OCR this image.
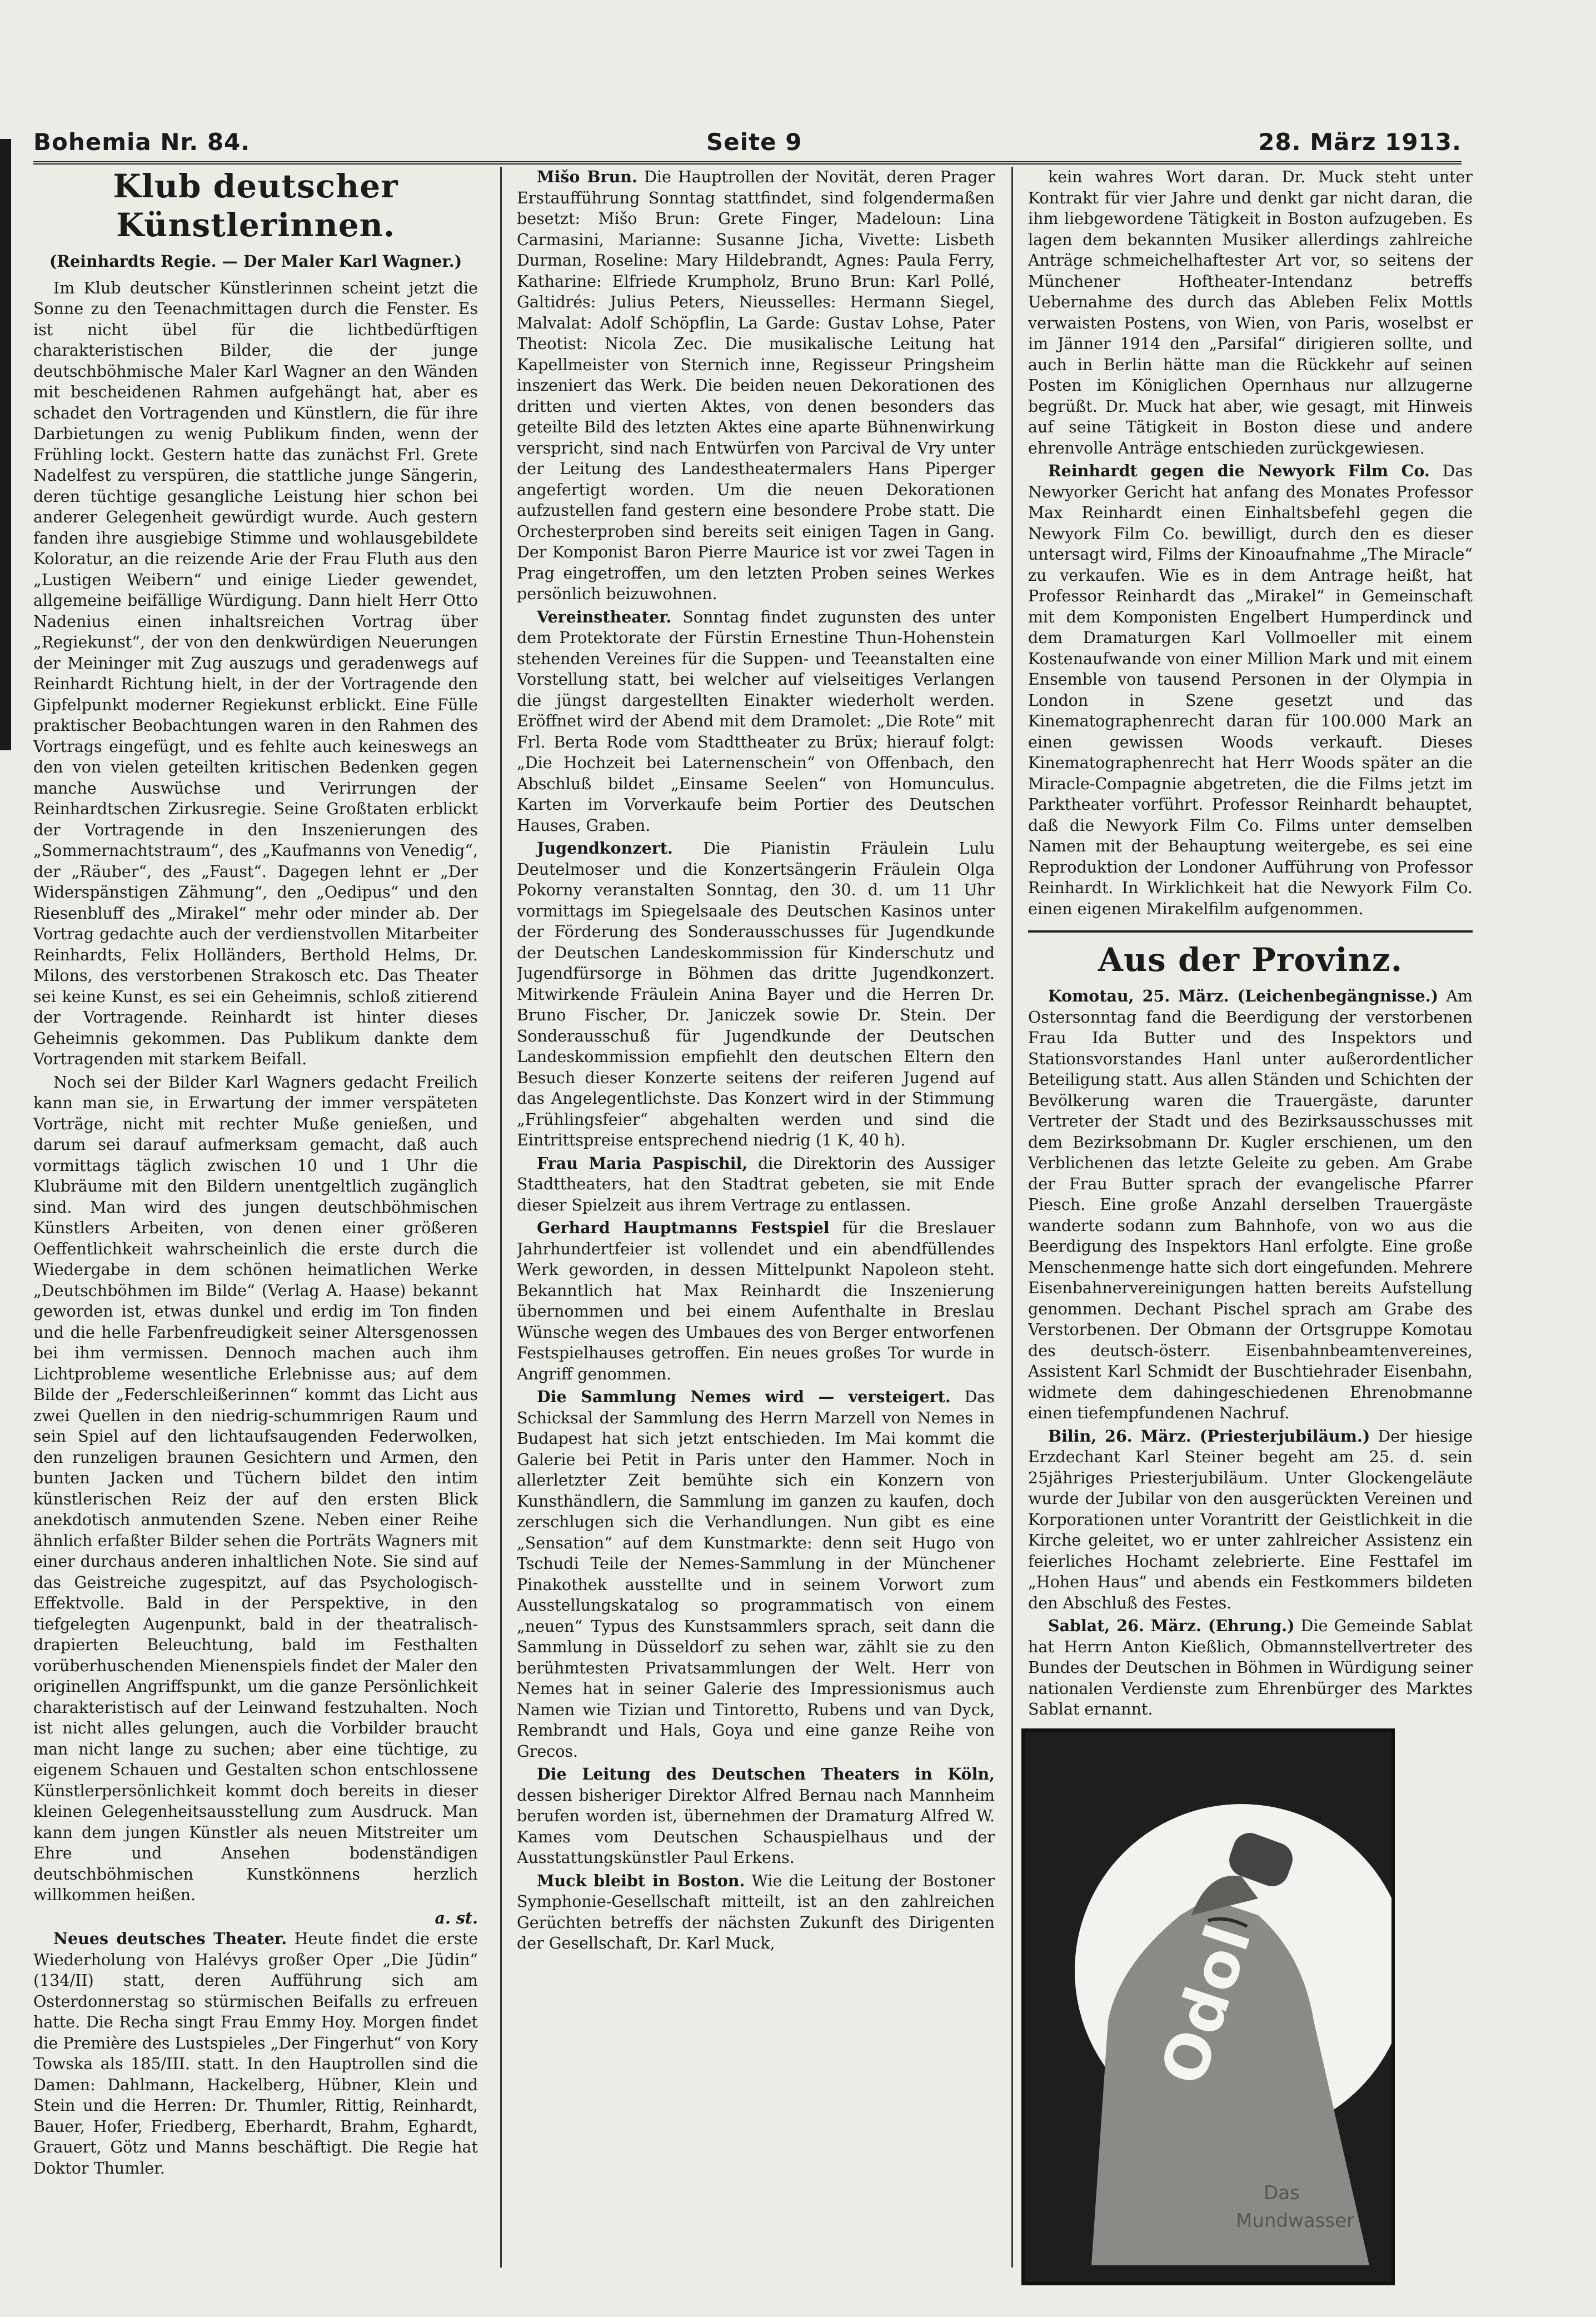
Bohemia Nr. 84.	Seite 9	28. März 1913.
Klub deutscher Künstlerinnen.
(Reinhardts Regie. — Der Maler Karl Wagner.)

Im Klub deutscher Künstlerinnen scheint jetzt die Sonne zu den Teenachmittagen durch die Fenster. Es ist nicht übel für die lichtbedürftigen charakteristischen Bilder, die der junge deutschböhmische Maler Karl Wagner an den Wänden mit bescheidenen Rahmen aufgehängt hat, aber es schadet den Vortragenden und Künstlern, die für ihre Darbietungen zu wenig Publikum finden, wenn der Frühling lockt. Gestern hatte das zunächst Frl. Grete Nadelfest zu verspüren, die stattliche junge Sängerin, deren tüchtige gesangliche Leistung hier schon bei anderer Gelegenheit gewürdigt wurde. Auch gestern fanden ihre ausgiebige Stimme und wohlausgebildete Koloratur, an die reizende Arie der Frau Fluth aus den „Lustigen Weibern“ und einige Lieder gewendet, allgemeine beifällige Würdigung. Dann hielt Herr Otto Nadenius einen inhaltsreichen Vortrag über „Regiekunst“, der von den denkwürdigen Neuerungen der Meininger mit Zug auszugs und geradenwegs auf Reinhardt Richtung hielt, in der der Vortragende den Gipfelpunkt moderner Regiekunst erblickt. Eine Fülle praktischer Beobachtungen waren in den Rahmen des Vortrags eingefügt, und es fehlte auch keineswegs an den von vielen geteilten kritischen Bedenken gegen manche Auswüchse und Verirrungen der Reinhardtschen Zirkusregie. Seine Großtaten erblickt der Vortragende in den Inszenierungen des „Sommernachtstraum“, des „Kaufmanns von Venedig“, der „Räuber“, des „Faust“. Dagegen lehnt er „Der Widerspänstigen Zähmung“, den „Oedipus“ und den Riesenbluff des „Mirakel“ mehr oder minder ab. Der Vortrag gedachte auch der verdienstvollen Mitarbeiter Reinhardts, Felix Holländers, Berthold Helms, Dr. Milons, des verstorbenen Strakosch etc. Das Theater sei keine Kunst, es sei ein Geheimnis, schloß zitierend der Vortragende. Reinhardt ist hinter dieses Geheimnis gekommen. Das Publikum dankte dem Vortragenden mit starkem Beifall.

Noch sei der Bilder Karl Wagners gedacht Freilich kann man sie, in Erwartung der immer verspäteten Vorträge, nicht mit rechter Muße genießen, und darum sei darauf aufmerksam gemacht, daß auch vormittags täglich zwischen 10 und 1 Uhr die Klubräume mit den Bildern unentgeltlich zugänglich sind. Man wird des jungen deutschböhmischen Künstlers Arbeiten, von denen einer größeren Oeffentlichkeit wahrscheinlich die erste durch die Wiedergabe in dem schönen heimatlichen Werke „Deutschböhmen im Bilde“ (Verlag A. Haase) bekannt geworden ist, etwas dunkel und erdig im Ton finden und die helle Farbenfreudigkeit seiner Altersgenossen bei ihm vermissen. Dennoch machen auch ihm Lichtprobleme wesentliche Erlebnisse aus; auf dem Bilde der „Federschleißerinnen“ kommt das Licht aus zwei Quellen in den niedrig-schummrigen Raum und sein Spiel auf den lichtaufsaugenden Federwolken, den runzeligen braunen Gesichtern und Armen, den bunten Jacken und Tüchern bildet den intim künstlerischen Reiz der auf den ersten Blick anekdotisch anmutenden Szene. Neben einer Reihe ähnlich erfaßter Bilder sehen die Porträts Wagners mit einer durchaus anderen inhaltlichen Note. Sie sind auf das Geistreiche zugespitzt, auf das Psychologisch-Effektvolle. Bald in der Perspektive, in den tiefgelegten Augenpunkt, bald in der theatralisch-drapierten Beleuchtung, bald im Festhalten vorüberhuschenden Mienenspiels findet der Maler den originellen Angriffspunkt, um die ganze Persönlichkeit charakteristisch auf der Leinwand festzuhalten. Noch ist nicht alles gelungen, auch die Vorbilder braucht man nicht lange zu suchen; aber eine tüchtige, zu eigenem Schauen und Gestalten schon entschlossene Künstlerpersönlichkeit kommt doch bereits in dieser kleinen Gelegenheitsausstellung zum Ausdruck. Man kann dem jungen Künstler als neuen Mitstreiter um Ehre und Ansehen bodenständigen deutschböhmischen Kunstkönnens herzlich willkommen heißen.

a. st.

Neues deutsches Theater. Heute findet die erste Wiederholung von Halévys großer Oper „Die Jüdin“ (134/II) statt, deren Aufführung sich am Osterdonnerstag so stürmischen Beifalls zu erfreuen hatte. Die Recha singt Frau Emmy Hoy. Morgen findet die Première des Lustspieles „Der Fingerhut“ von Kory Towska als 185/III. statt. In den Hauptrollen sind die Damen: Dahlmann, Hackelberg, Hübner, Klein und Stein und die Herren: Dr. Thumler, Rittig, Reinhardt, Bauer, Hofer, Friedberg, Eberhardt, Brahm, Eghardt, Grauert, Götz und Manns beschäftigt. Die Regie hat Doktor Thumler.

Mišo Brun. Die Hauptrollen der Novität, deren Prager Erstaufführung Sonntag stattfindet, sind folgendermaßen besetzt: Mišo Brun: Grete Finger, Madeloun: Lina Carmasini, Marianne: Susanne Jicha, Vivette: Lisbeth Durman, Roseline: Mary Hildebrandt, Agnes: Paula Ferry, Katharine: Elfriede Krumpholz, Bruno Brun: Karl Pollé, Galtidrés: Julius Peters, Nieusselles: Hermann Siegel, Malvalat: Adolf Schöpflin, La Garde: Gustav Lohse, Pater Theotist: Nicola Zec. Die musikalische Leitung hat Kapellmeister von Sternich inne, Regisseur Pringsheim inszeniert das Werk. Die beiden neuen Dekorationen des dritten und vierten Aktes, von denen besonders das geteilte Bild des letzten Aktes eine aparte Bühnenwirkung verspricht, sind nach Entwürfen von Parcival de Vry unter der Leitung des Landestheatermalers Hans Piperger angefertigt worden. Um die neuen Dekorationen aufzustellen fand gestern eine besondere Probe statt. Die Orchesterproben sind bereits seit einigen Tagen in Gang. Der Komponist Baron Pierre Maurice ist vor zwei Tagen in Prag eingetroffen, um den letzten Proben seines Werkes persönlich beizuwohnen.

Vereinstheater. Sonntag findet zugunsten des unter dem Protektorate der Fürstin Ernestine Thun-Hohenstein stehenden Vereines für die Suppen- und Teeanstalten eine Vorstellung statt, bei welcher auf vielseitiges Verlangen die jüngst dargestellten Einakter wiederholt werden. Eröffnet wird der Abend mit dem Dramolet: „Die Rote“ mit Frl. Berta Rode vom Stadttheater zu Brüx; hierauf folgt: „Die Hochzeit bei Laternenschein“ von Offenbach, den Abschluß bildet „Einsame Seelen“ von Homunculus. Karten im Vorverkaufe beim Portier des Deutschen Hauses, Graben.

Jugendkonzert. Die Pianistin Fräulein Lulu Deutelmoser und die Konzertsängerin Fräulein Olga Pokorny veranstalten Sonntag, den 30. d. um 11 Uhr vormittags im Spiegelsaale des Deutschen Kasinos unter der Förderung des Sonderausschusses für Jugendkunde der Deutschen Landeskommission für Kinderschutz und Jugendfürsorge in Böhmen das dritte Jugendkonzert. Mitwirkende Fräulein Anina Bayer und die Herren Dr. Bruno Fischer, Dr. Janiczek sowie Dr. Stein. Der Sonderausschuß für Jugendkunde der Deutschen Landeskommission empfiehlt den deutschen Eltern den Besuch dieser Konzerte seitens der reiferen Jugend auf das Angelegentlichste. Das Konzert wird in der Stimmung „Frühlingsfeier“ abgehalten werden und sind die Eintrittspreise entsprechend niedrig (1 K, 40 h).

Frau Maria Paspischil, die Direktorin des Aussiger Stadttheaters, hat den Stadtrat gebeten, sie mit Ende dieser Spielzeit aus ihrem Vertrage zu entlassen.

Gerhard Hauptmanns Festspiel für die Breslauer Jahrhundertfeier ist vollendet und ein abendfüllendes Werk geworden, in dessen Mittelpunkt Napoleon steht. Bekanntlich hat Max Reinhardt die Inszenierung übernommen und bei einem Aufenthalte in Breslau Wünsche wegen des Umbaues des von Berger entworfenen Festspielhauses getroffen. Ein neues großes Tor wurde in Angriff genommen.

Die Sammlung Nemes wird — versteigert. Das Schicksal der Sammlung des Herrn Marzell von Nemes in Budapest hat sich jetzt entschieden. Im Mai kommt die Galerie bei Petit in Paris unter den Hammer. Noch in allerletzter Zeit bemühte sich ein Konzern von Kunsthändlern, die Sammlung im ganzen zu kaufen, doch zerschlugen sich die Verhandlungen. Nun gibt es eine „Sensation“ auf dem Kunstmarkte: denn seit Hugo von Tschudi Teile der Nemes-Sammlung in der Münchener Pinakothek ausstellte und in seinem Vorwort zum Ausstellungskatalog so programmatisch von einem „neuen“ Typus des Kunstsammlers sprach, seit dann die Sammlung in Düsseldorf zu sehen war, zählt sie zu den berühmtesten Privatsammlungen der Welt. Herr von Nemes hat in seiner Galerie des Impressionismus auch Namen wie Tizian und Tintoretto, Rubens und van Dyck, Rembrandt und Hals, Goya und eine ganze Reihe von Grecos.

Die Leitung des Deutschen Theaters in Köln, dessen bisheriger Direktor Alfred Bernau nach Mannheim berufen worden ist, übernehmen der Dramaturg Alfred W. Kames vom Deutschen Schauspielhaus und der Ausstattungskünstler Paul Erkens.

Muck bleibt in Boston. Wie die Leitung der Bostoner Symphonie-Gesellschaft mitteilt, ist an den zahlreichen Gerüchten betreffs der nächsten Zukunft des Dirigenten der Gesellschaft, Dr. Karl Muck,

kein wahres Wort daran. Dr. Muck steht unter Kontrakt für vier Jahre und denkt gar nicht daran, die ihm liebgewordene Tätigkeit in Boston aufzugeben. Es lagen dem bekannten Musiker allerdings zahlreiche Anträge schmeichelhaftester Art vor, so seitens der Münchener Hoftheater-Intendanz betreffs Uebernahme des durch das Ableben Felix Mottls verwaisten Postens, von Wien, von Paris, woselbst er im Jänner 1914 den „Parsifal“ dirigieren sollte, und auch in Berlin hätte man die Rückkehr auf seinen Posten im Königlichen Opernhaus nur allzugerne begrüßt. Dr. Muck hat aber, wie gesagt, mit Hinweis auf seine Tätigkeit in Boston diese und andere ehrenvolle Anträge entschieden zurückgewiesen.

Reinhardt gegen die Newyork Film Co. Das Newyorker Gericht hat anfang des Monates Professor Max Reinhardt einen Einhaltsbefehl gegen die Newyork Film Co. bewilligt, durch den es dieser untersagt wird, Films der Kinoaufnahme „The Miracle“ zu verkaufen. Wie es in dem Antrage heißt, hat Professor Reinhardt das „Mirakel“ in Gemeinschaft mit dem Komponisten Engelbert Humperdinck und dem Dramaturgen Karl Vollmoeller mit einem Kostenaufwande von einer Million Mark und mit einem Ensemble von tausend Personen in der Olympia in London in Szene gesetzt und das Kinematographenrecht daran für 100.000 Mark an einen gewissen Woods verkauft. Dieses Kinematographenrecht hat Herr Woods später an die Miracle-Compagnie abgetreten, die die Films jetzt im Parktheater vorführt. Professor Reinhardt behauptet, daß die Newyork Film Co. Films unter demselben Namen mit der Behauptung weitergebe, es sei eine Reproduktion der Londoner Aufführung von Professor Reinhardt. In Wirklichkeit hat die Newyork Film Co. einen eigenen Mirakelfilm aufgenommen.

Aus der Provinz.

Komotau, 25. März. (Leichenbegängnisse.) Am Ostersonntag fand die Beerdigung der verstorbenen Frau Ida Butter und des Inspektors und Stationsvorstandes Hanl unter außerordentlicher Beteiligung statt. Aus allen Ständen und Schichten der Bevölkerung waren die Trauergäste, darunter Vertreter der Stadt und des Bezirksausschusses mit dem Bezirksobmann Dr. Kugler erschienen, um den Verblichenen das letzte Geleite zu geben. Am Grabe der Frau Butter sprach der evangelische Pfarrer Piesch. Eine große Anzahl derselben Trauergäste wanderte sodann zum Bahnhofe, von wo aus die Beerdigung des Inspektors Hanl erfolgte. Eine große Menschenmenge hatte sich dort eingefunden. Mehrere Eisenbahnervereinigungen hatten bereits Aufstellung genommen. Dechant Pischel sprach am Grabe des Verstorbenen. Der Obmann der Ortsgruppe Komotau des deutsch-österr. Eisenbahnbeamtenvereines, Assistent Karl Schmidt der Buschtiehrader Eisenbahn, widmete dem dahingeschiedenen Ehrenobmanne einen tiefempfundenen Nachruf.

Bilin, 26. März. (Priesterjubiläum.) Der hiesige Erzdechant Karl Steiner begeht am 25. d. sein 25jähriges Priesterjubiläum. Unter Glockengeläute wurde der Jubilar von den ausgerückten Vereinen und Korporationen unter Vorantritt der Geistlichkeit in die Kirche geleitet, wo er unter zahlreicher Assistenz ein feierliches Hochamt zelebrierte. Eine Festtafel im „Hohen Haus“ und abends ein Festkommers bildeten den Abschluß des Festes.

Sablat, 26. März. (Ehrung.) Die Gemeinde Sablat hat Herrn Anton Kießlich, Obmannstellvertreter des Bundes der Deutschen in Böhmen in Würdigung seiner nationalen Verdienste zum Ehrenbürger des Marktes Sablat ernannt.

Odol
Das
Mundwasser
